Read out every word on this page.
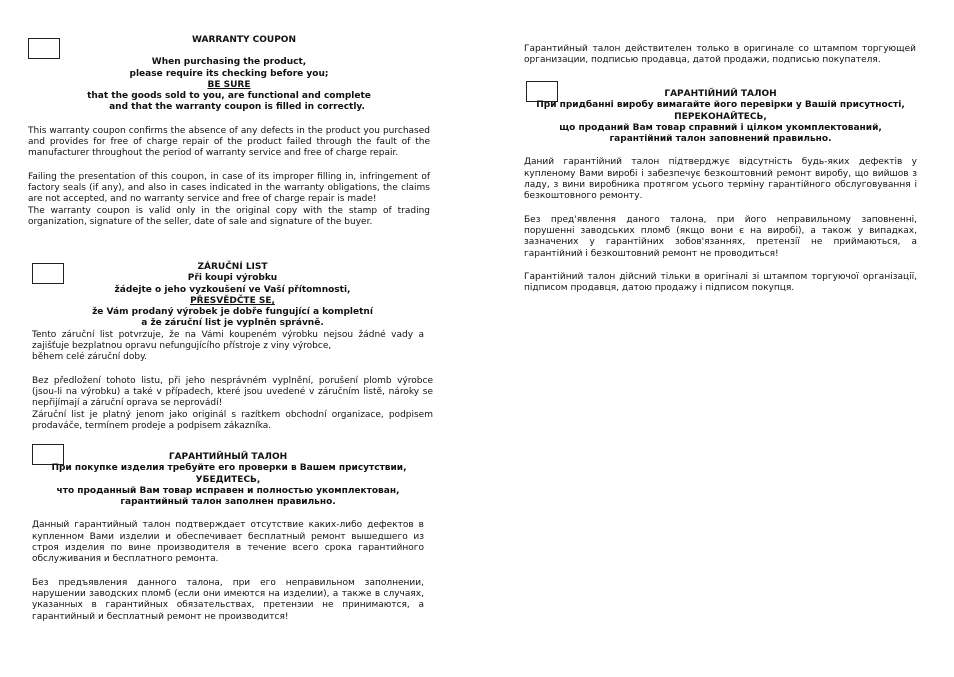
WARRANTY COUPON
When purchasing the product,
please require its checking before you;
BE SURE
that the goods sold to you, are functional and complete
and that the warranty coupon is filled in correctly.

This warranty coupon confirms the absence of any defects in the product you purchased and provides for free of charge repair of the product failed through the fault of the manufacturer throughout the period of warranty service and free of charge repair.

Failing the presentation of this coupon, in case of its improper filling in, infringement of factory seals (if any), and also in cases indicated in the warranty obligations, the claims are not accepted, and no warranty service and free of charge repair is made!

The warranty coupon is valid only in the original copy with the stamp of trading organization, signature of the seller, date of sale and signature of the buyer.

ZÁRUČNÍ LIST
Při koupi výrobku
žádejte o jeho vyzkoušení ve Vaší přítomnosti,
PŘESVĚDČTE SE,
že Vám prodaný výrobek je dobře fungující a kompletní
a že záruční list je vyplněn správně.

Tento záruční list potvrzuje, že na Vámi koupeném výrobku nejsou žádné vady a zajišťuje bezplatnou opravu nefungujícího přístroje z viny výrobce,

během celé záruční doby.

Bez předložení tohoto listu, při jeho nesprávném vyplnění, porušení plomb výrobce (jsou-li na výrobku) a také v případech, které jsou uvedené v záručním listě, nároky se nepřijímají a záruční oprava se neprovádí!

Záruční list je platný jenom jako originál s razítkem obchodní organizace, podpisem prodaváče, termínem prodeje a podpisem zákazníka.

ГАРАНТИЙНЫЙ ТАЛОН
При покупке изделия требуйте его проверки в Вашем присутствии,
УБЕДИТЕСЬ,
что проданный Вам товар исправен и полностью укомплектован,
гарантийный талон заполнен правильно.

Данный гарантийный талон подтверждает отсутствие каких-либо дефектов в купленном Вами изделии и обеспечивает бесплатный ремонт вышедшего из строя изделия по вине производителя в течение всего срока гарантийного обслуживания и бесплатного ремонта.

Без предъявления данного талона, при его неправильном заполнении, нарушении заводских пломб (если они имеются на изделии), а также в случаях, указанных в гарантийных обязательствах, претензии не принимаются, а гарантийный и бесплатный ремонт не производится!

Гарантийный талон действителен только в оригинале со штампом торгующей организации, подписью продавца, датой продажи, подписью покупателя.

ГАРАНТІЙНИЙ ТАЛОН
При придбанні виробу вимагайте його перевірки у Вашій присутності,
ПЕРЕКОНАЙТЕСЬ,
що проданий Вам товар справний і цілком укомплектований,
гарантійний талон заповнений правильно.

Даний гарантійний талон підтверджує відсутність будь-яких дефектів у купленому Вами виробі і забезпечує безкоштовний ремонт виробу, що вийшов з ладу, з вини виробника протягом усього терміну гарантійного обслуговування і безкоштовного ремонту.

Без пред'явлення даного талона, при його неправильному заповненні, порушенні заводських пломб (якщо вони є на виробі), а також у випадках, зазначених у гарантійних зобов'язаннях, претензії не приймаються, а гарантійний і безкоштовний ремонт не проводиться!

Гарантійний талон дійсний тільки в оригіналі зі штампом торгуючої організації, підписом продавця, датою продажу і підписом покупця.
